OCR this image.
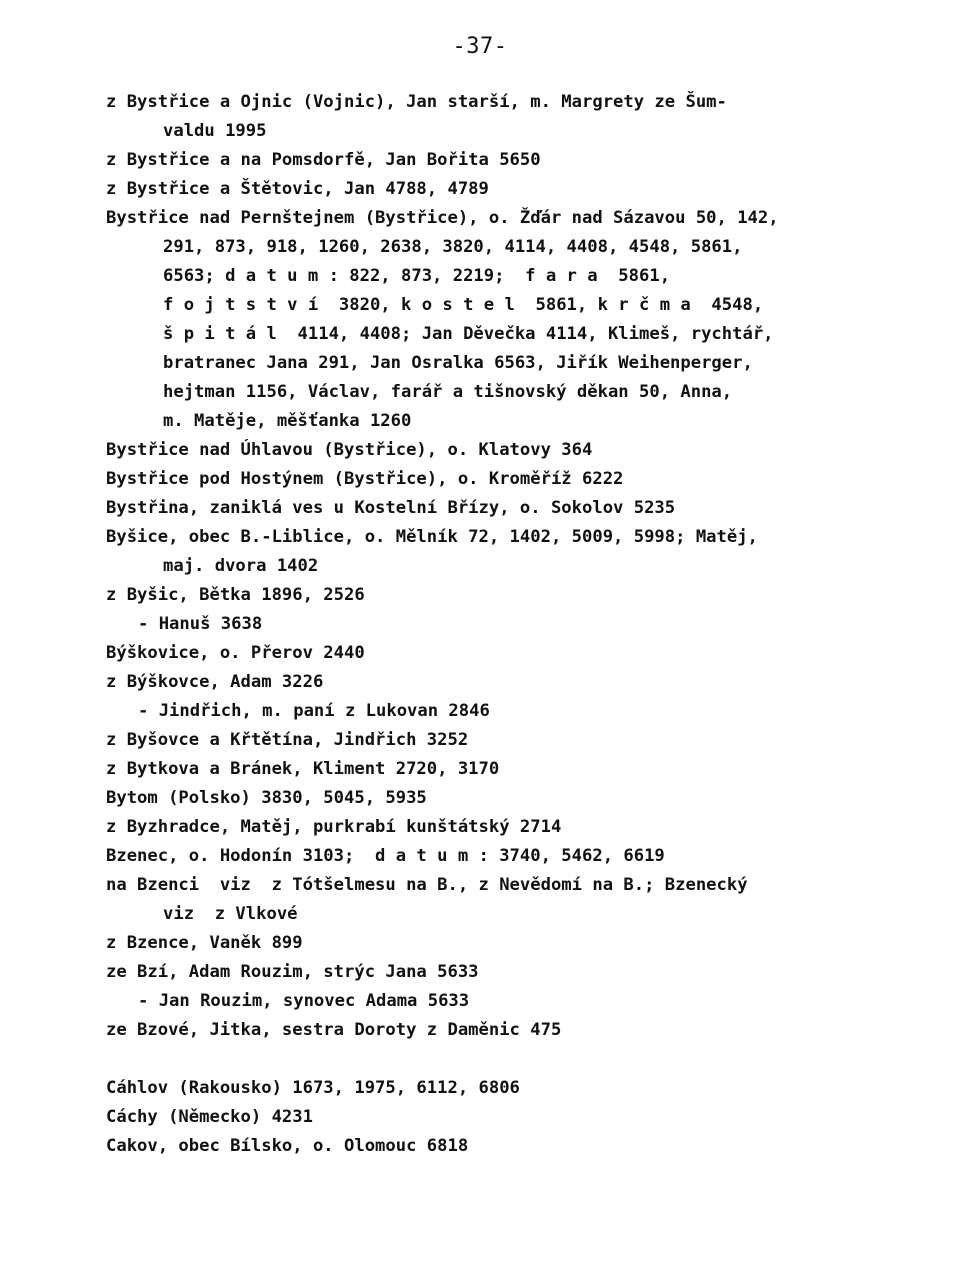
-37-
z Bystřice a Ojnic (Vojnic), Jan starší, m. Margrety ze Šum-
valdu 1995
z Bystřice a na Pomsdorfě, Jan Bořita 5650
z Bystřice a Štětovic, Jan 4788, 4789
Bystřice nad Pernštejnem (Bystřice), o. Žďár nad Sázavou 50, 142,
291, 873, 918, 1260, 2638, 3820, 4114, 4408, 4548, 5861,
6563; d a t u m : 822, 873, 2219;  f a r a  5861,
f o j t s t v í  3820, k o s t e l  5861, k r č m a  4548,
š p i t á l  4114, 4408; Jan Děvečka 4114, Klimeš, rychtář,
bratranec Jana 291, Jan Osralka 6563, Jiřík Weihenperger,
hejtman 1156, Václav, farář a tišnovský děkan 50, Anna,
m. Matěje, měšťanka 1260
Bystřice nad Úhlavou (Bystřice), o. Klatovy 364
Bystřice pod Hostýnem (Bystřice), o. Kroměříž 6222
Bystřina, zaniklá ves u Kostelní Břízy, o. Sokolov 5235
Byšice, obec B.-Liblice, o. Mělník 72, 1402, 5009, 5998; Matěj,
maj. dvora 1402
z Byšic, Bětka 1896, 2526
- Hanuš 3638
Býškovice, o. Přerov 2440
z Býškovce, Adam 3226
- Jindřich, m. paní z Lukovan 2846
z Byšovce a Křtětína, Jindřich 3252
z Bytkova a Bránek, Kliment 2720, 3170
Bytom (Polsko) 3830, 5045, 5935
z Byzhradce, Matěj, purkrabí kunštátský 2714
Bzenec, o. Hodonín 3103;  d a t u m : 3740, 5462, 6619
na Bzenci  viz  z Tótšelmesu na B., z Nevědomí na B.; Bzenecký
viz  z Vlkové
z Bzence, Vaněk 899
ze Bzí, Adam Rouzim, strýc Jana 5633
- Jan Rouzim, synovec Adama 5633
ze Bzové, Jitka, sestra Doroty z Daměnic 475
Cáhlov (Rakousko) 1673, 1975, 6112, 6806
Cáchy (Německo) 4231
Cakov, obec Bílsko, o. Olomouc 6818
